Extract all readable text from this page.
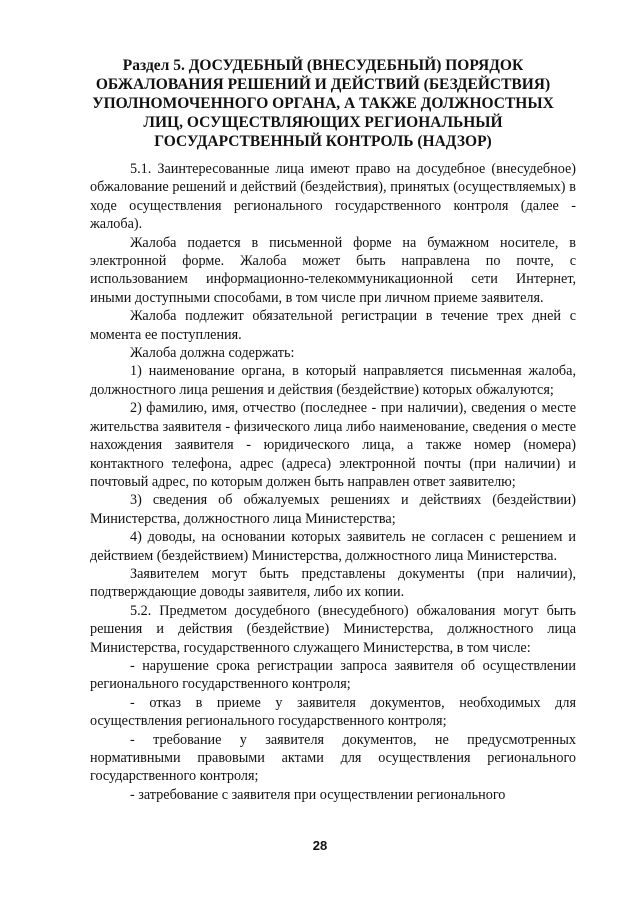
Раздел 5. ДОСУДЕБНЫЙ (ВНЕСУДЕБНЫЙ) ПОРЯДОК
ОБЖАЛОВАНИЯ РЕШЕНИЙ И ДЕЙСТВИЙ (БЕЗДЕЙСТВИЯ)
УПОЛНОМОЧЕННОГО ОРГАНА, А ТАКЖЕ ДОЛЖНОСТНЫХ
ЛИЦ, ОСУЩЕСТВЛЯЮЩИХ РЕГИОНАЛЬНЫЙ
ГОСУДАРСТВЕННЫЙ КОНТРОЛЬ (НАДЗОР)

5.1. Заинтересованные лица имеют право на досудебное (внесудебное) обжалование решений и действий (бездействия), принятых (осуществляемых) в ходе осуществления регионального государственного контроля (далее - жалоба).

Жалоба подается в письменной форме на бумажном носителе, в электронной форме. Жалоба может быть направлена по почте, с использованием информационно-телекоммуникационной сети Интернет, иными доступными способами, в том числе при личном приеме заявителя.

Жалоба подлежит обязательной регистрации в течение трех дней с момента ее поступления.

Жалоба должна содержать:

1) наименование органа, в который направляется письменная жалоба, должностного лица решения и действия (бездействие) которых обжалуются;

2) фамилию, имя, отчество (последнее - при наличии), сведения о месте жительства заявителя - физического лица либо наименование, сведения о месте нахождения заявителя - юридического лица, а также номер (номера) контактного телефона, адрес (адреса) электронной почты (при наличии) и почтовый адрес, по которым должен быть направлен ответ заявителю;

3) сведения об обжалуемых решениях и действиях (бездействии) Министерства, должностного лица Министерства;

4) доводы, на основании которых заявитель не согласен с решением и действием (бездействием) Министерства, должностного лица Министерства.

Заявителем могут быть представлены документы (при наличии), подтверждающие доводы заявителя, либо их копии.

5.2. Предметом досудебного (внесудебного) обжалования могут быть решения и действия (бездействие) Министерства, должностного лица Министерства, государственного служащего Министерства, в том числе:

- нарушение срока регистрации запроса заявителя об осуществлении регионального государственного контроля;

- отказ в приеме у заявителя документов, необходимых для осуществления регионального государственного контроля;

- требование у заявителя документов, не предусмотренных нормативными правовыми актами для осуществления регионального государственного контроля;

- затребование с заявителя при осуществлении регионального

28
